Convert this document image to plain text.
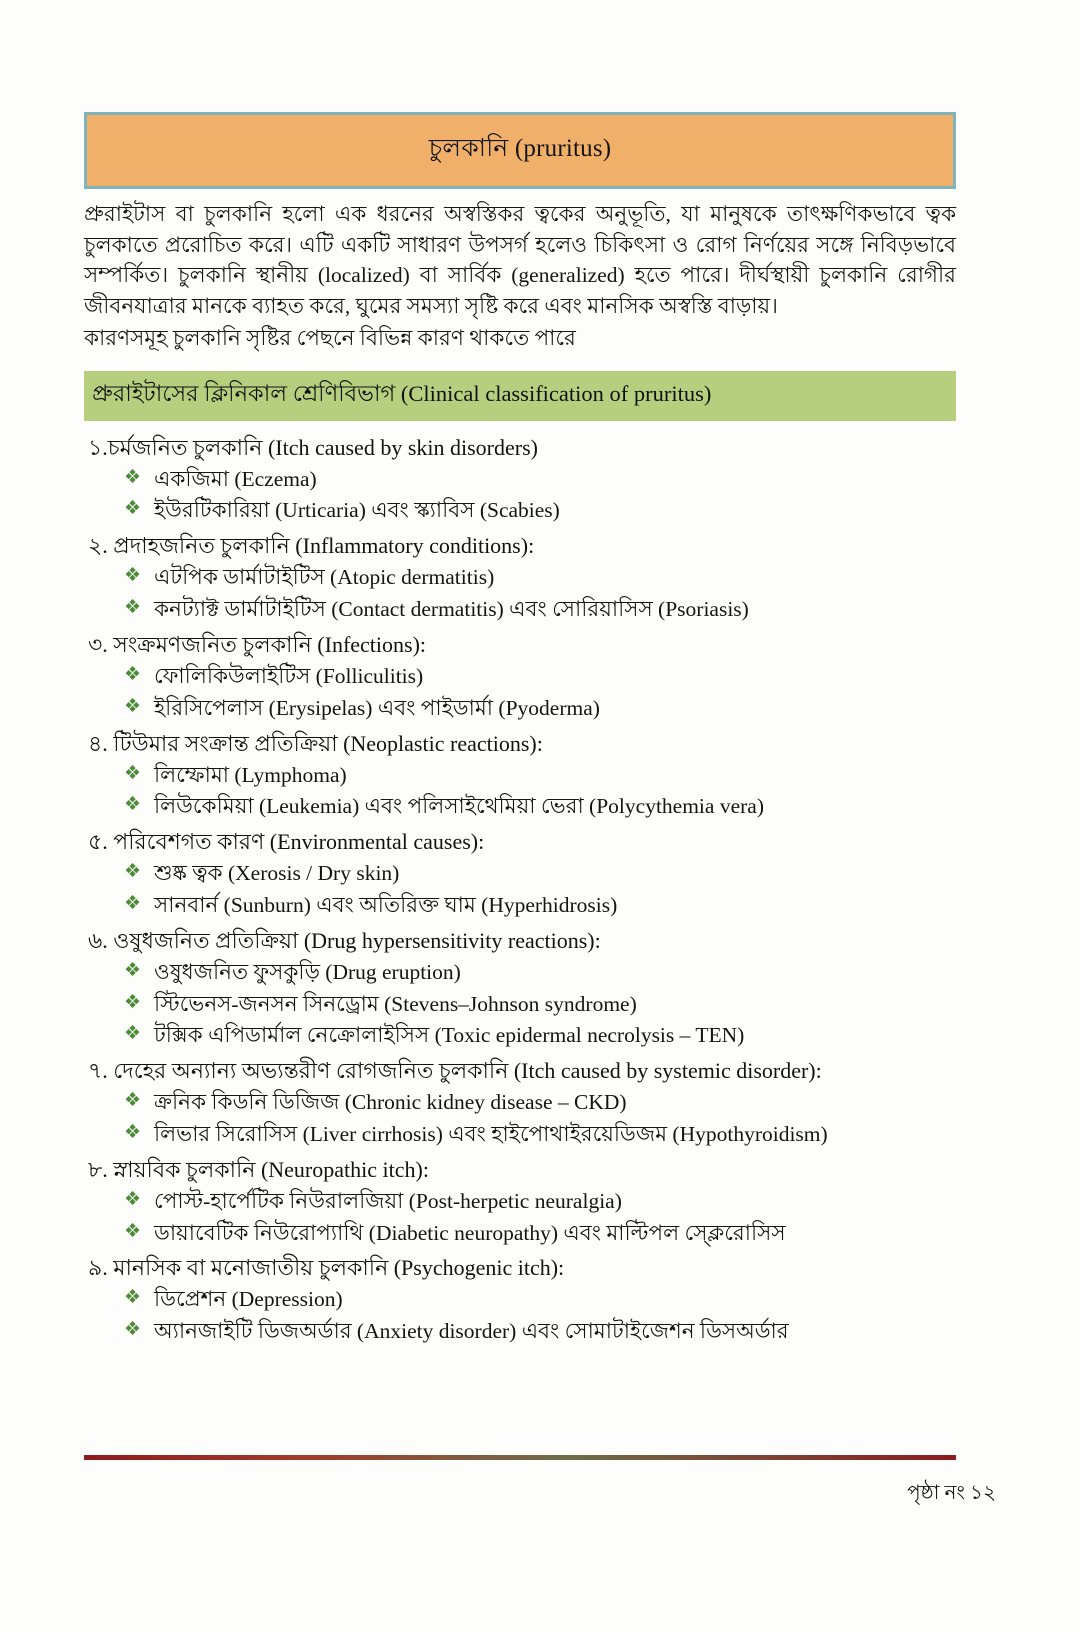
চুলকানি (pruritus)

প্রুরাইটাস বা চুলকানি হলো এক ধরনের অস্বস্তিকর ত্বকের অনুভূতি, যা মানুষকে তাৎক্ষণিকভাবে ত্বক চুলকাতে প্ররোচিত করে। এটি একটি সাধারণ উপসর্গ হলেও চিকিৎসা ও রোগ নির্ণয়ের সঙ্গে নিবিড়ভাবে সম্পর্কিত। চুলকানি স্থানীয় (localized) বা সার্বিক (generalized) হতে পারে। দীর্ঘস্থায়ী চুলকানি রোগীর জীবনযাত্রার মানকে ব্যাহত করে, ঘুমের সমস্যা সৃষ্টি করে এবং মানসিক অস্বস্তি বাড়ায়।

কারণসমূহ চুলকানি সৃষ্টির পেছনে বিভিন্ন কারণ থাকতে পারে

প্রুরাইটাসের ক্লিনিকাল শ্রেণিবিভাগ (Clinical classification of pruritus)
১.চর্মজনিত চুলকানি (Itch caused by skin disorders)
❖ একজিমা (Eczema)
❖ ইউরটিকারিয়া (Urticaria) এবং স্ক্যাবিস (Scabies)
২. প্রদাহজনিত চুলকানি (Inflammatory conditions):
❖ এটপিক ডার্মাটাইটিস (Atopic dermatitis)
❖ কনট্যাক্ট ডার্মাটাইটিস (Contact dermatitis) এবং সোরিয়াসিস (Psoriasis)
৩. সংক্রমণজনিত চুলকানি (Infections):
❖ ফোলিকিউলাইটিস (Folliculitis)
❖ ইরিসিপেলাস (Erysipelas) এবং পাইডার্মা (Pyoderma)
৪. টিউমার সংক্রান্ত প্রতিক্রিয়া (Neoplastic reactions):
❖ লিম্ফোমা (Lymphoma)
❖ লিউকেমিয়া (Leukemia) এবং পলিসাইথেমিয়া ভেরা (Polycythemia vera)
৫. পরিবেশগত কারণ (Environmental causes):
❖ শুষ্ক ত্বক (Xerosis / Dry skin)
❖ সানবার্ন (Sunburn) এবং অতিরিক্ত ঘাম (Hyperhidrosis)
৬. ওষুধজনিত প্রতিক্রিয়া (Drug hypersensitivity reactions):
❖ ওষুধজনিত ফুসকুড়ি (Drug eruption)
❖ স্টিভেনস-জনসন সিনড্রোম (Stevens–Johnson syndrome)
❖ টক্সিক এপিডার্মাল নেক্রোলাইসিস (Toxic epidermal necrolysis – TEN)
৭. দেহের অন্যান্য অভ্যন্তরীণ রোগজনিত চুলকানি (Itch caused by systemic disorder):
❖ ক্রনিক কিডনি ডিজিজ (Chronic kidney disease – CKD)
❖ লিভার সিরোসিস (Liver cirrhosis) এবং হাইপোথাইরয়েডিজম (Hypothyroidism)
৮. স্নায়বিক চুলকানি (Neuropathic itch):
❖ পোস্ট-হার্পেটিক নিউরালজিয়া (Post-herpetic neuralgia)
❖ ডায়াবেটিক নিউরোপ্যাথি (Diabetic neuropathy) এবং মাল্টিপল স্ক্লেরোসিস
৯. মানসিক বা মনোজাতীয় চুলকানি (Psychogenic itch):
❖ ডিপ্রেশন (Depression)
❖ অ্যানজাইটি ডিজঅর্ডার (Anxiety disorder) এবং সোমাটাইজেশন ডিসঅর্ডার
পৃষ্ঠা নং ১২
